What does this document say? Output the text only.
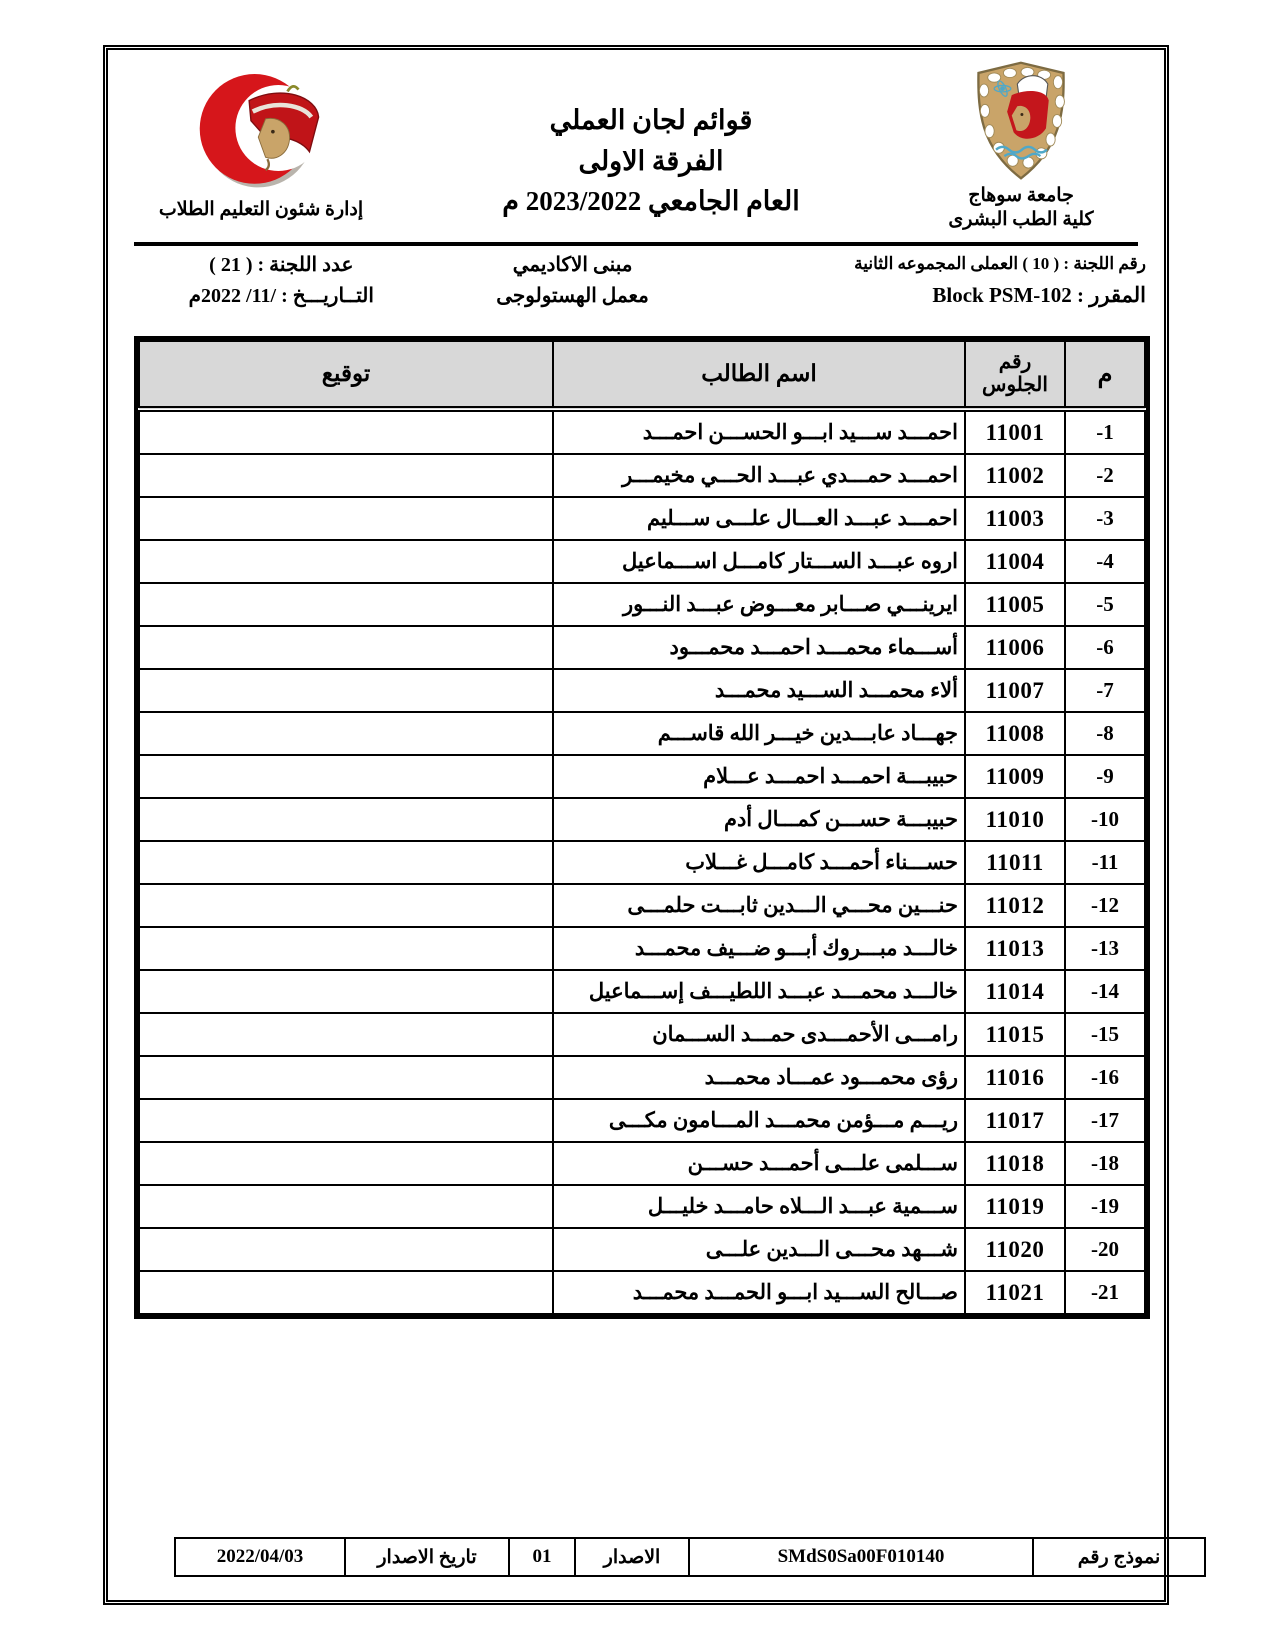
جامعة سوهاج
كلية الطب البشرى
قوائم لجان العملي
الفرقة الاولى
العام الجامعي 2023/2022 م
إدارة شئون التعليم الطلاب
رقم اللجنة : ( 10 ) العملى المجموعه الثانية
مبنى الاكاديمي
عدد اللجنة : ( 21 )
المقرر : Block PSM-102
معمل الهستولوجى
التــاريـــخ : /11/ 2022م
م	رقم الجلوس	اسم الطالب	توقيع
-1	11001	احمـــد ســـيد ابـــو الحســـن احمـــد	
-2	11002	احمـــد حمـــدي عبـــد الحـــي مخيمـــر	
-3	11003	احمـــد عبـــد العـــال علـــى ســـليم	
-4	11004	اروه عبـــد الســـتار كامـــل اســـماعيل	
-5	11005	ايرينـــي صـــابر معـــوض عبـــد النـــور	
-6	11006	أســـماء محمـــد احمـــد محمـــود	
-7	11007	ألاء محمـــد الســـيد محمـــد	
-8	11008	جهـــاد عابـــدين خيـــر الله قاســـم	
-9	11009	حبيبـــة احمـــد احمـــد عـــلام	
-10	11010	حبيبـــة حســـن كمـــال أدم	
-11	11011	حســـناء أحمـــد كامـــل غـــلاب	
-12	11012	حنـــين محـــي الـــدين ثابـــت حلمـــى	
-13	11013	خالـــد مبـــروك أبـــو ضـــيف محمـــد	
-14	11014	خالـــد محمـــد عبـــد اللطيـــف إســـماعيل	
-15	11015	رامـــى الأحمـــدى حمـــد الســـمان	
-16	11016	رؤى محمـــود عمـــاد محمـــد	
-17	11017	ريـــم مـــؤمن محمـــد المـــامون مكـــى	
-18	11018	ســـلمى علـــى أحمـــد حســـن	
-19	11019	ســـمية عبـــد الـــلاه حامـــد خليـــل	
-20	11020	شـــهد محـــى الـــدين علـــى	
-21	11021	صـــالح الســـيد ابـــو الحمـــد محمـــد	
نموذج رقم	SMdS0Sa00F010140	الاصدار	01	تاريخ الاصدار	2022/04/03
